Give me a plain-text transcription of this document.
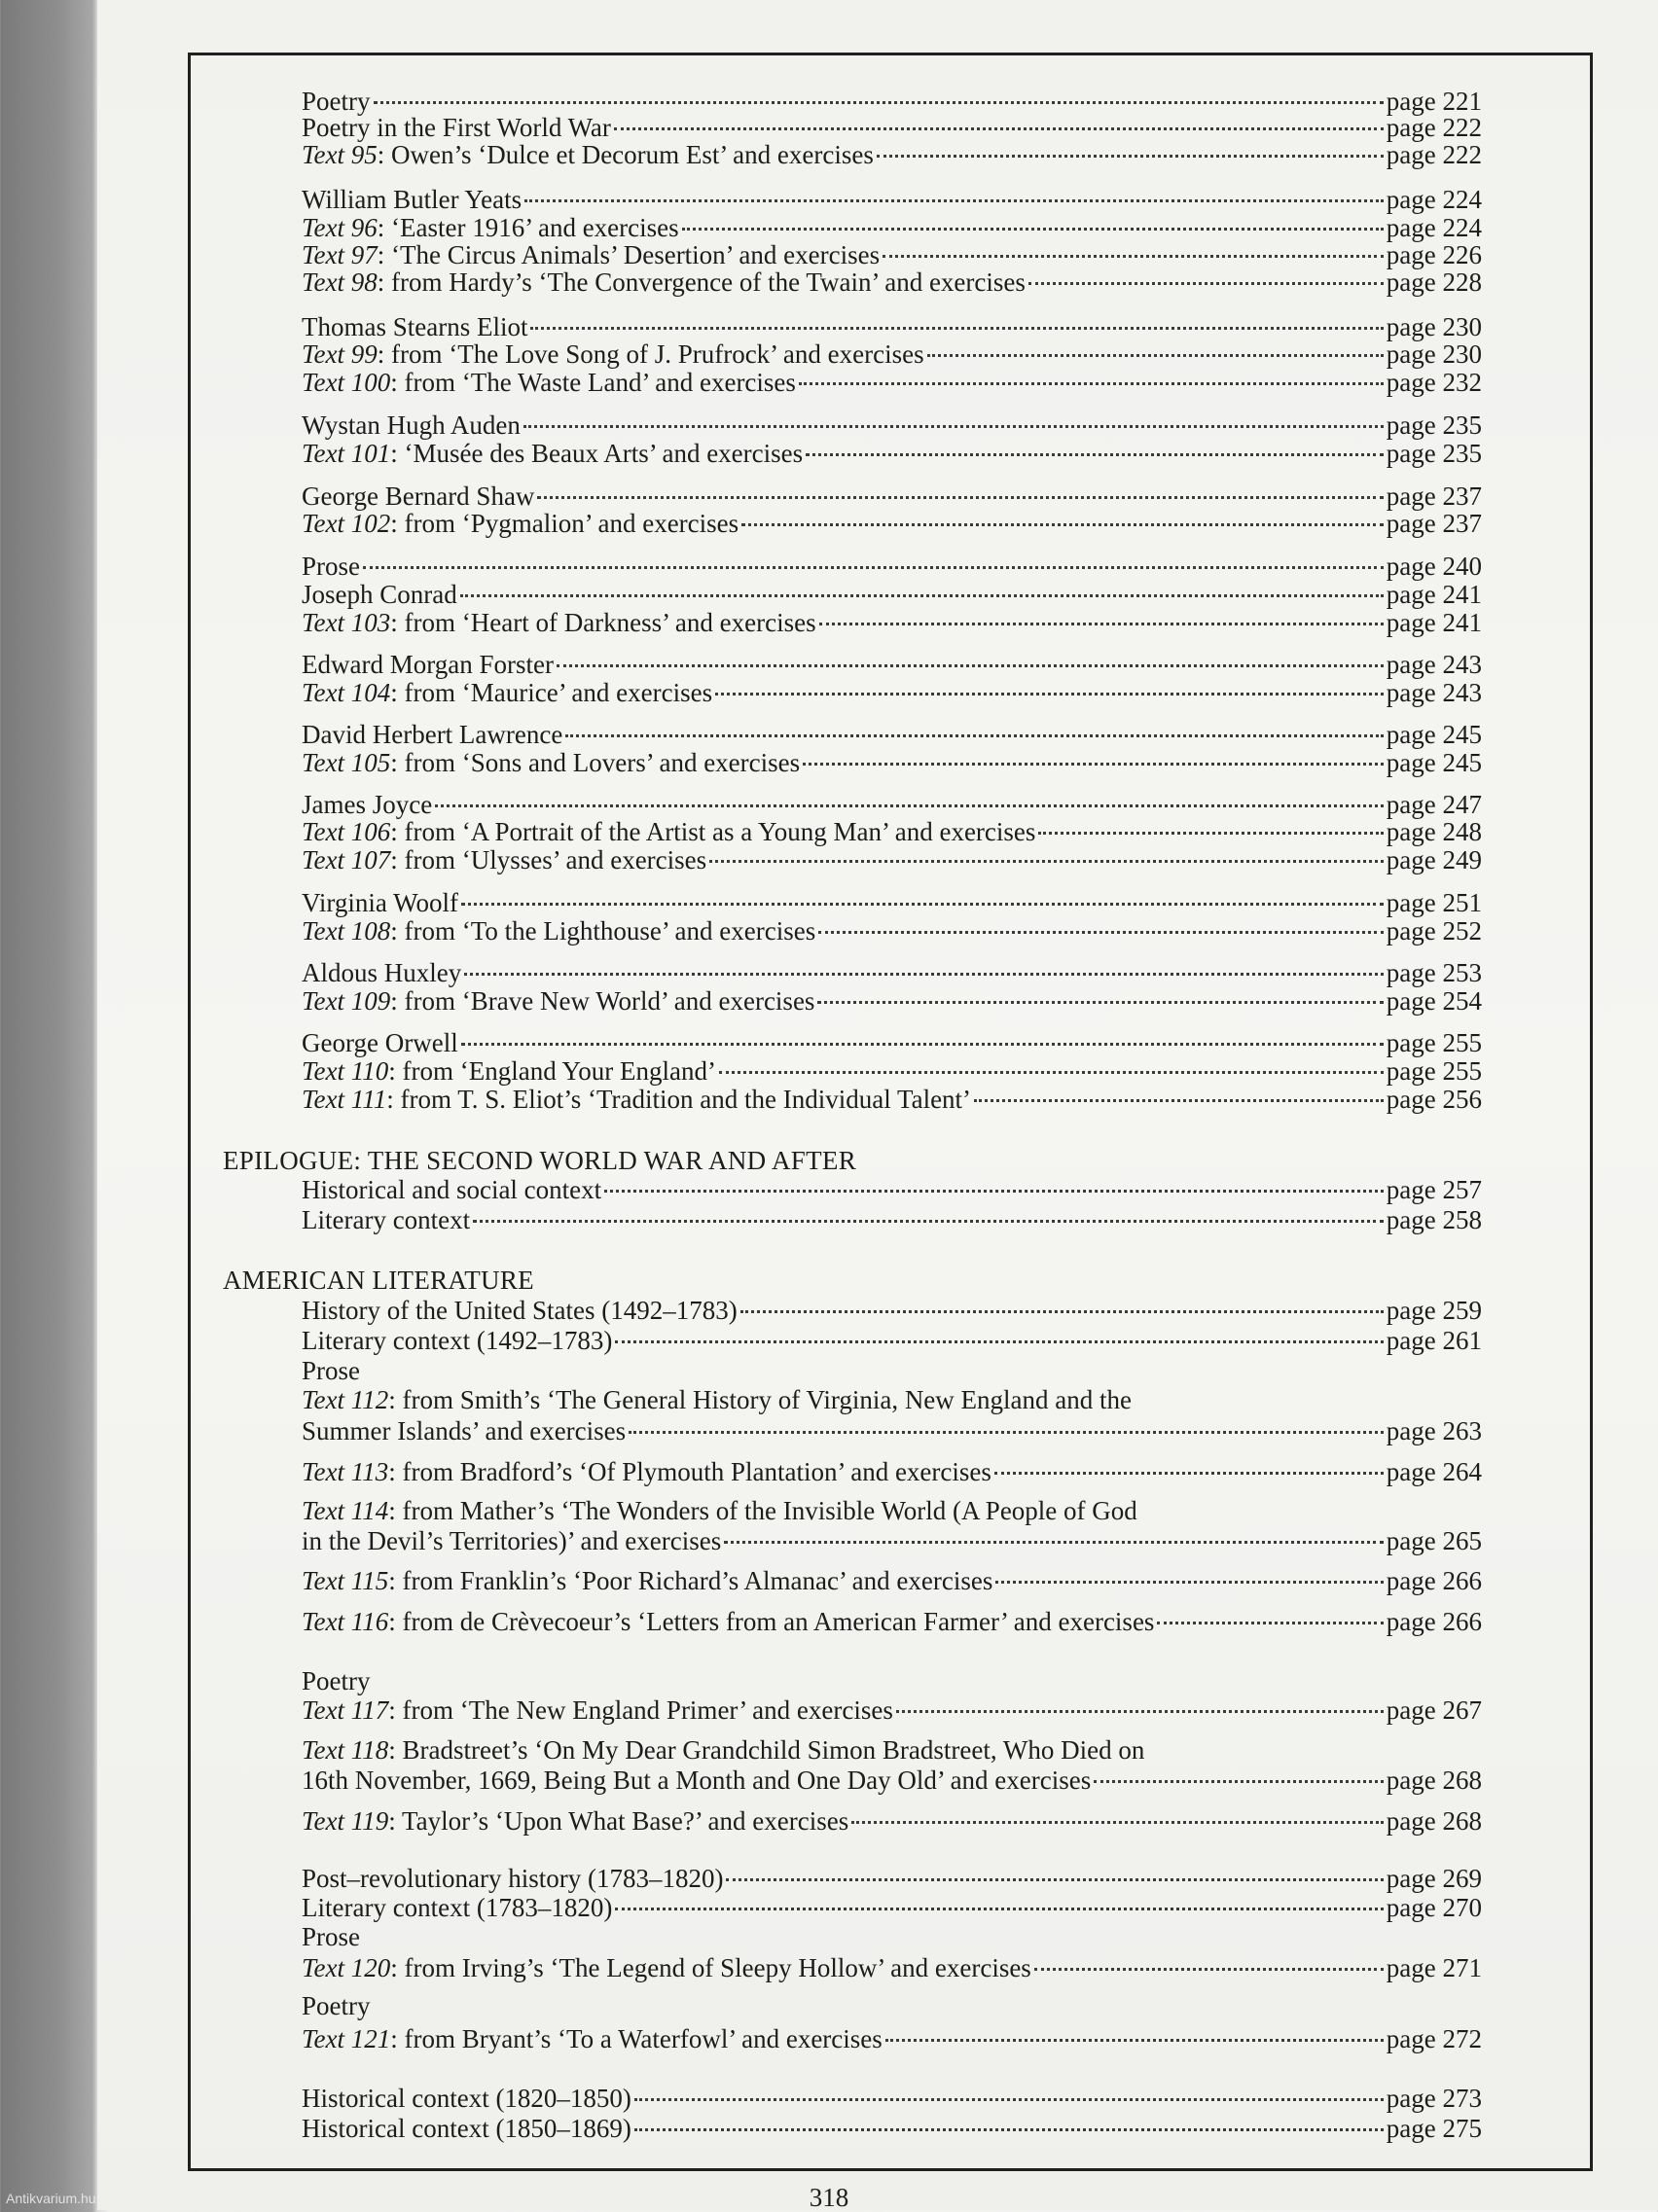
Poetry	page 221
Poetry in the First World War	page 222
Text 95: Owen’s ‘Dulce et Decorum Est’ and exercises	page 222
William Butler Yeats	page 224
Text 96: ‘Easter 1916’ and exercises	page 224
Text 97: ‘The Circus Animals’ Desertion’ and exercises	page 226
Text 98: from Hardy’s ‘The Convergence of the Twain’ and exercises	page 228
Thomas Stearns Eliot	page 230
Text 99: from ‘The Love Song of J. Prufrock’ and exercises	page 230
Text 100: from ‘The Waste Land’ and exercises	page 232
Wystan Hugh Auden	page 235
Text 101: ‘Musée des Beaux Arts’ and exercises	page 235
George Bernard Shaw	page 237
Text 102: from ‘Pygmalion’ and exercises	page 237
Prose	page 240
Joseph Conrad	page 241
Text 103: from ‘Heart of Darkness’ and exercises	page 241
Edward Morgan Forster	page 243
Text 104: from ‘Maurice’ and exercises	page 243
David Herbert Lawrence	page 245
Text 105: from ‘Sons and Lovers’ and exercises	page 245
James Joyce	page 247
Text 106: from ‘A Portrait of the Artist as a Young Man’ and exercises	page 248
Text 107: from ‘Ulysses’ and exercises	page 249
Virginia Woolf	page 251
Text 108: from ‘To the Lighthouse’ and exercises	page 252
Aldous Huxley	page 253
Text 109: from ‘Brave New World’ and exercises	page 254
George Orwell	page 255
Text 110: from ‘England Your England’	page 255
Text 111: from T. S. Eliot’s ‘Tradition and the Individual Talent’	page 256
EPILOGUE: THE SECOND WORLD WAR AND AFTER
Historical and social context	page 257
Literary context	page 258
AMERICAN LITERATURE
History of the United States (1492–1783)	page 259
Literary context (1492–1783)	page 261
Prose
Text 112: from Smith’s ‘The General History of Virginia, New England and the
Summer Islands’ and exercises	page 263
Text 113: from Bradford’s ‘Of Plymouth Plantation’ and exercises	page 264
Text 114: from Mather’s ‘The Wonders of the Invisible World (A People of God
in the Devil’s Territories)’ and exercises	page 265
Text 115: from Franklin’s ‘Poor Richard’s Almanac’ and exercises	page 266
Text 116: from de Crèvecoeur’s ‘Letters from an American Farmer’ and exercises	page 266
Poetry
Text 117: from ‘The New England Primer’ and exercises	page 267
Text 118: Bradstreet’s ‘On My Dear Grandchild Simon Bradstreet, Who Died on
16th November, 1669, Being But a Month and One Day Old’ and exercises	page 268
Text 119: Taylor’s ‘Upon What Base?’ and exercises	page 268
Post–revolutionary history (1783–1820)	page 269
Literary context (1783–1820)	page 270
Prose
Text 120: from Irving’s ‘The Legend of Sleepy Hollow’ and exercises	page 271
Poetry
Text 121: from Bryant’s ‘To a Waterfowl’ and exercises	page 272
Historical context (1820–1850)	page 273
Historical context (1850–1869)	page 275
318
Antikvarium.hu
